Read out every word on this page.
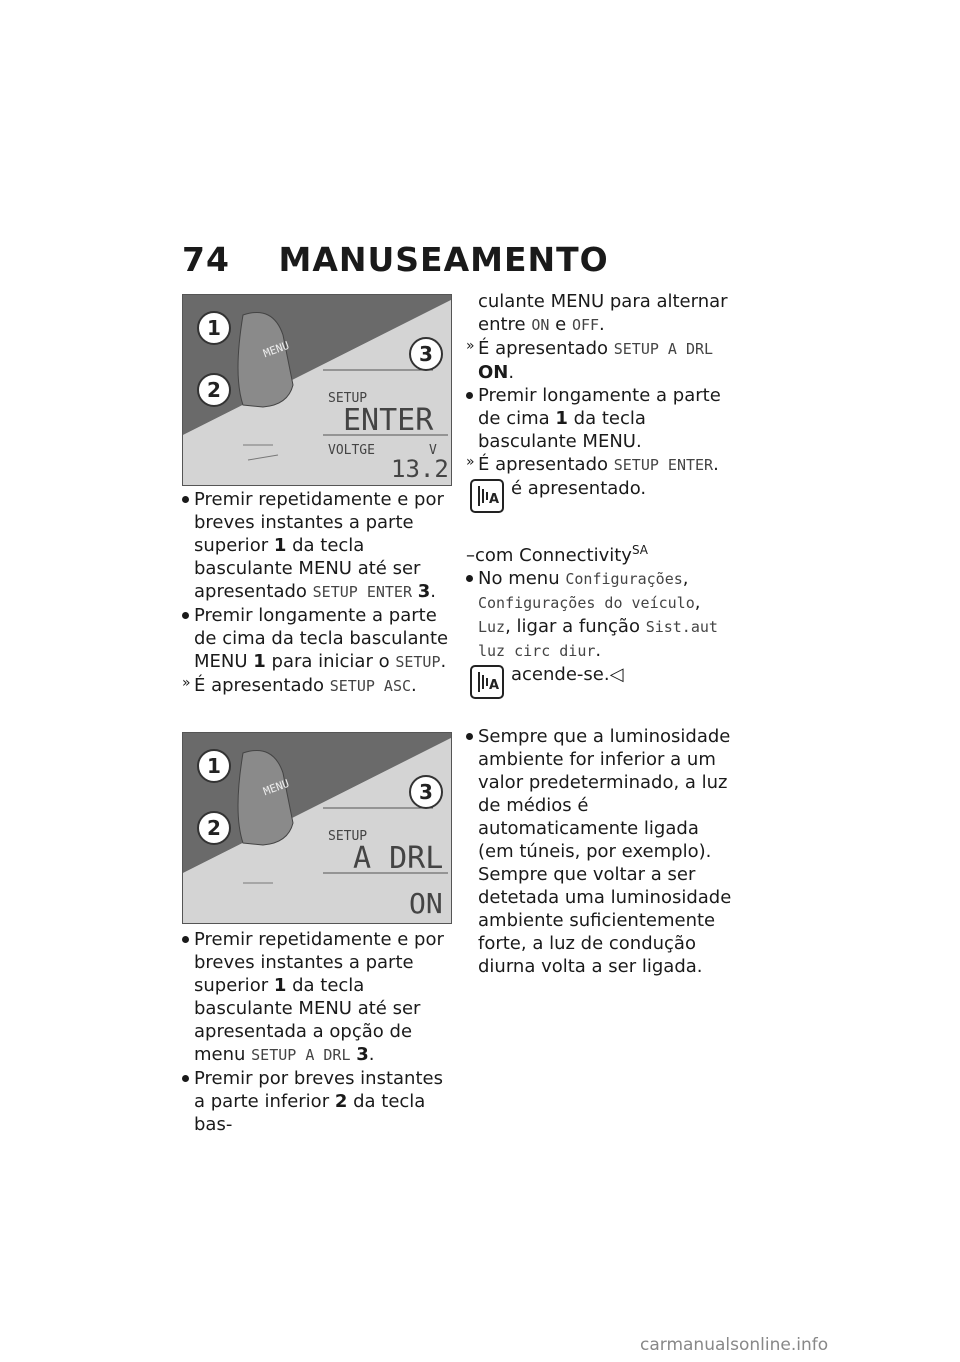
74 MANUSEAMENTO
1
2
3
MENU
SETUP
ENTER
VOLTGE	V
13.2

Premir repetidamente e por breves instantes a parte superior 1 da tecla basculante MENU até ser apresentado SETUP ENTER 3.

Premir longamente a parte de cima da tecla basculante MENU 1 para iniciar o SETUP.

» É apresentado SETUP ASC.

1
2
3
MENU
SETUP
A DRL
ON

Premir repetidamente e por breves instantes a parte superior 1 da tecla basculante MENU até ser apresentada a opção de menu SETUP A DRL 3.

Premir por breves instantes a parte inferior 2 da tecla bas-

culante MENU para alternar entre ON e OFF.

» É apresentado SETUP A DRL ON.

Premir longamente a parte de cima 1 da tecla basculante MENU.

» É apresentado SETUP ENTER.

A
é apresentado.

–com Connectivity$^{SA}$

No menu Configurações, Configurações do veículo, Luz, ligar a função Sist.aut luz circ diur.

A
acende-se.◁

Sempre que a luminosidade ambiente for inferior a um valor predeterminado, a luz de médios é automaticamente ligada (em túneis, por exemplo). Sempre que voltar a ser detetada uma luminosidade ambiente suficientemente forte, a luz de condução diurna volta a ser ligada.

carmanualsonline.info
